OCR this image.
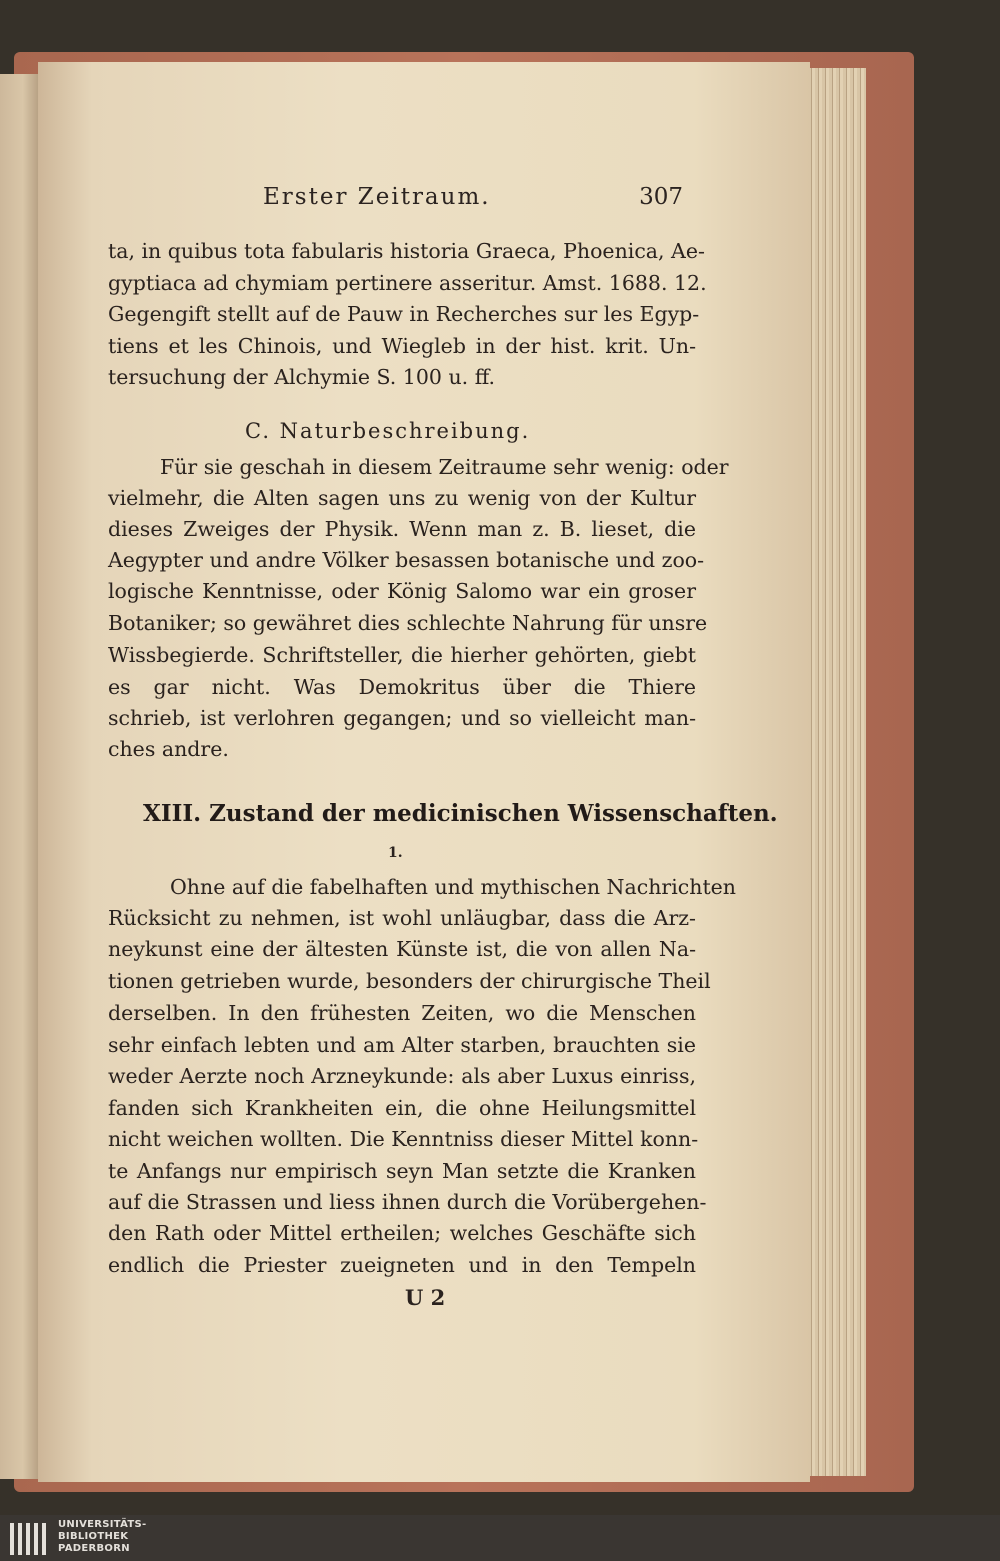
Erster Zeitraum.	307
ta, in quibus tota fabularis historia Graeca, Phoenica, Ae-
gyptiaca ad chymiam pertinere asseritur. Amst. 1688. 12.
Gegengift stellt auf de Pauw in Recherches sur les Egyp-
tiens et les Chinois, und Wiegleb in der hist. krit. Un-
tersuchung der Alchymie S. 100 u. ff.
C. Naturbeschreibung.
Für sie geschah in diesem Zeitraume sehr wenig: oder
vielmehr, die Alten sagen uns zu wenig von der Kultur
dieses Zweiges der Physik. Wenn man z. B. lieset, die
Aegypter und andre Völker besassen botanische und zoo-
logische Kenntnisse, oder König Salomo war ein groser
Botaniker; so gewähret dies schlechte Nahrung für unsre
Wissbegierde. Schriftsteller, die hierher gehörten, giebt
es gar nicht. Was Demokritus über die Thiere
schrieb, ist verlohren gegangen; und so vielleicht man-
ches andre.
XIII. Zustand der medicinischen Wissenschaften.
1.
Ohne auf die fabelhaften und mythischen Nachrichten
Rücksicht zu nehmen, ist wohl unläugbar, dass die Arz-
neykunst eine der ältesten Künste ist, die von allen Na-
tionen getrieben wurde, besonders der chirurgische Theil
derselben. In den frühesten Zeiten, wo die Menschen
sehr einfach lebten und am Alter starben, brauchten sie
weder Aerzte noch Arzneykunde: als aber Luxus einriss,
fanden sich Krankheiten ein, die ohne Heilungsmittel
nicht weichen wollten. Die Kenntniss dieser Mittel konn-
te Anfangs nur empirisch seyn Man setzte die Kranken
auf die Strassen und liess ihnen durch die Vorübergehen-
den Rath oder Mittel ertheilen; welches Geschäfte sich
endlich die Priester zueigneten und in den Tempeln
U 2
UNIVERSITÄTS-
BIBLIOTHEK
PADERBORN
